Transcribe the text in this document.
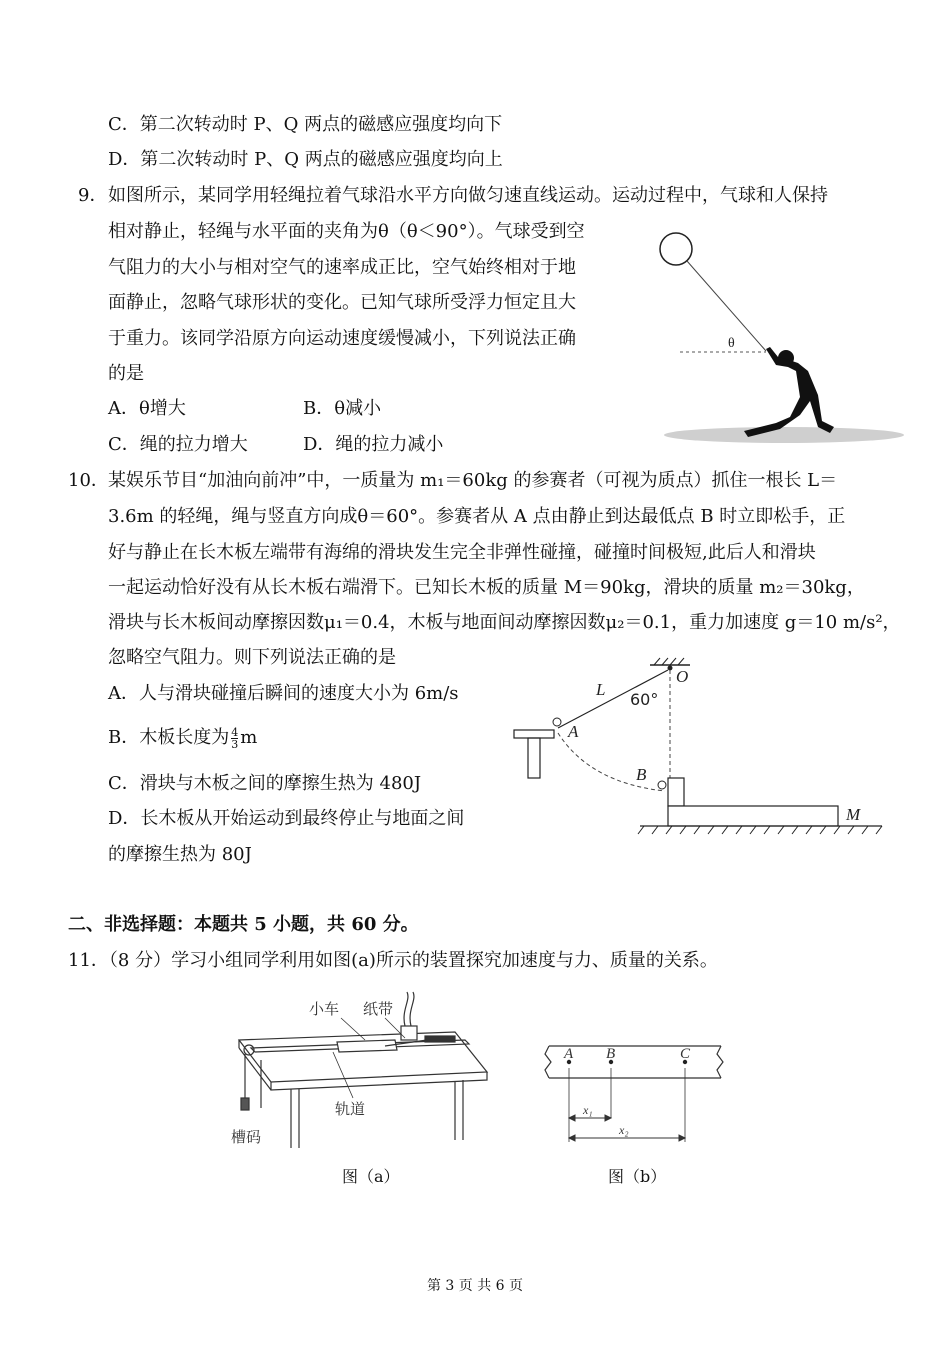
C．第二次转动时 P、Q 两点的磁感应强度均向下
D．第二次转动时 P、Q 两点的磁感应强度均向上
9． 如图所示，某同学用轻绳拉着气球沿水平方向做匀速直线运动。运动过程中，气球和人保持
相对静止，轻绳与水平面的夹角为θ（θ＜90°）。气球受到空
气阻力的大小与相对空气的速率成正比，空气始终相对于地
面静止，忽略气球形状的变化。已知气球所受浮力恒定且大
于重力。该同学沿原方向运动速度缓慢减小，下列说法正确
的是
A．θ增大	B．θ减小
C．绳的拉力增大	D．绳的拉力减小
θ
10． 某娱乐节目“加油向前冲”中，一质量为 m₁＝60kg 的参赛者（可视为质点）抓住一根长 L＝
3.6m 的轻绳，绳与竖直方向成θ＝60°。参赛者从 A 点由静止到达最低点 B 时立即松手，正
好与静止在长木板左端带有海绵的滑块发生完全非弹性碰撞，碰撞时间极短,此后人和滑块
一起运动恰好没有从长木板右端滑下。已知长木板的质量 M＝90kg，滑块的质量 m₂＝30kg，
滑块与长木板间动摩擦因数μ₁＝0.4，木板与地面间动摩擦因数μ₂＝0.1，重力加速度 g＝10 m/s²，
忽略空气阻力。则下列说法正确的是
A．人与滑块碰撞后瞬间的速度大小为 6m/s
B．木板长度为 $\frac{4}{3}$ m
C．滑块与木板之间的摩擦生热为 480J
D．长木板从开始运动到最终停止与地面之间
的摩擦生热为 80J
O
L
60°
A
B
M
二、非选择题：本题共 5 小题，共 60 分。
11．（8 分）学习小组同学利用如图(a)所示的装置探究加速度与力、质量的关系。
小车 纸带
轨道
槽码
图（a）
A B	C
x₁
x₂
图（b）
第 3 页 共 6 页
